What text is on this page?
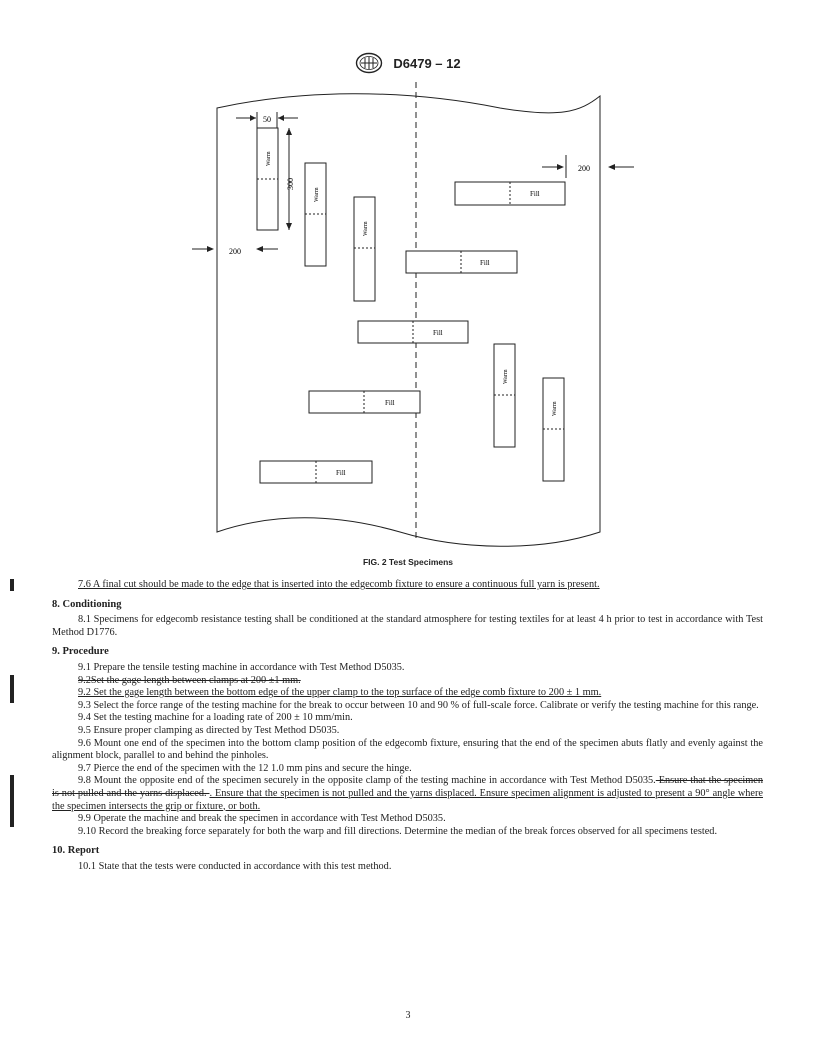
D6479 – 12
50
300
200
200
Warm
Warm
Warm
Warm
Warm
Fill
Fill
Fill
Fill
Fill
FIG. 2 Test Specimens

7.6 A final cut should be made to the edge that is inserted into the edgecomb fixture to ensure a continuous full yarn is present.

8. Conditioning

8.1 Specimens for edgecomb resistance testing shall be conditioned at the standard atmosphere for testing textiles for at least 4 h prior to test in accordance with Test Method D1776.

9. Procedure

9.1 Prepare the tensile testing machine in accordance with Test Method D5035.

9.2Set the gage length between clamps at 200 ±1 mm.

9.2 Set the gage length between the bottom edge of the upper clamp to the top surface of the edge comb fixture to 200 ± 1 mm.

9.3 Select the force range of the testing machine for the break to occur between 10 and 90 % of full-scale force. Calibrate or verify the testing machine for this range.

9.4 Set the testing machine for a loading rate of 200 ± 10 mm/min.

9.5 Ensure proper clamping as directed by Test Method D5035.

9.6 Mount one end of the specimen into the bottom clamp position of the edgecomb fixture, ensuring that the end of the specimen abuts flatly and evenly against the alignment block, parallel to and behind the pinholes.

9.7 Pierce the end of the specimen with the 12 1.0 mm pins and secure the hinge.

9.8 Mount the opposite end of the specimen securely in the opposite clamp of the testing machine in accordance with Test Method D5035. Ensure that the specimen is not pulled and the yarns displaced. . Ensure that the specimen is not pulled and the yarns displaced. Ensure specimen alignment is adjusted to present a 90° angle where the specimen intersects the grip or fixture, or both.

9.9 Operate the machine and break the specimen in accordance with Test Method D5035.

9.10 Record the breaking force separately for both the warp and fill directions. Determine the median of the break forces observed for all specimens tested.

10. Report

10.1 State that the tests were conducted in accordance with this test method.

3
